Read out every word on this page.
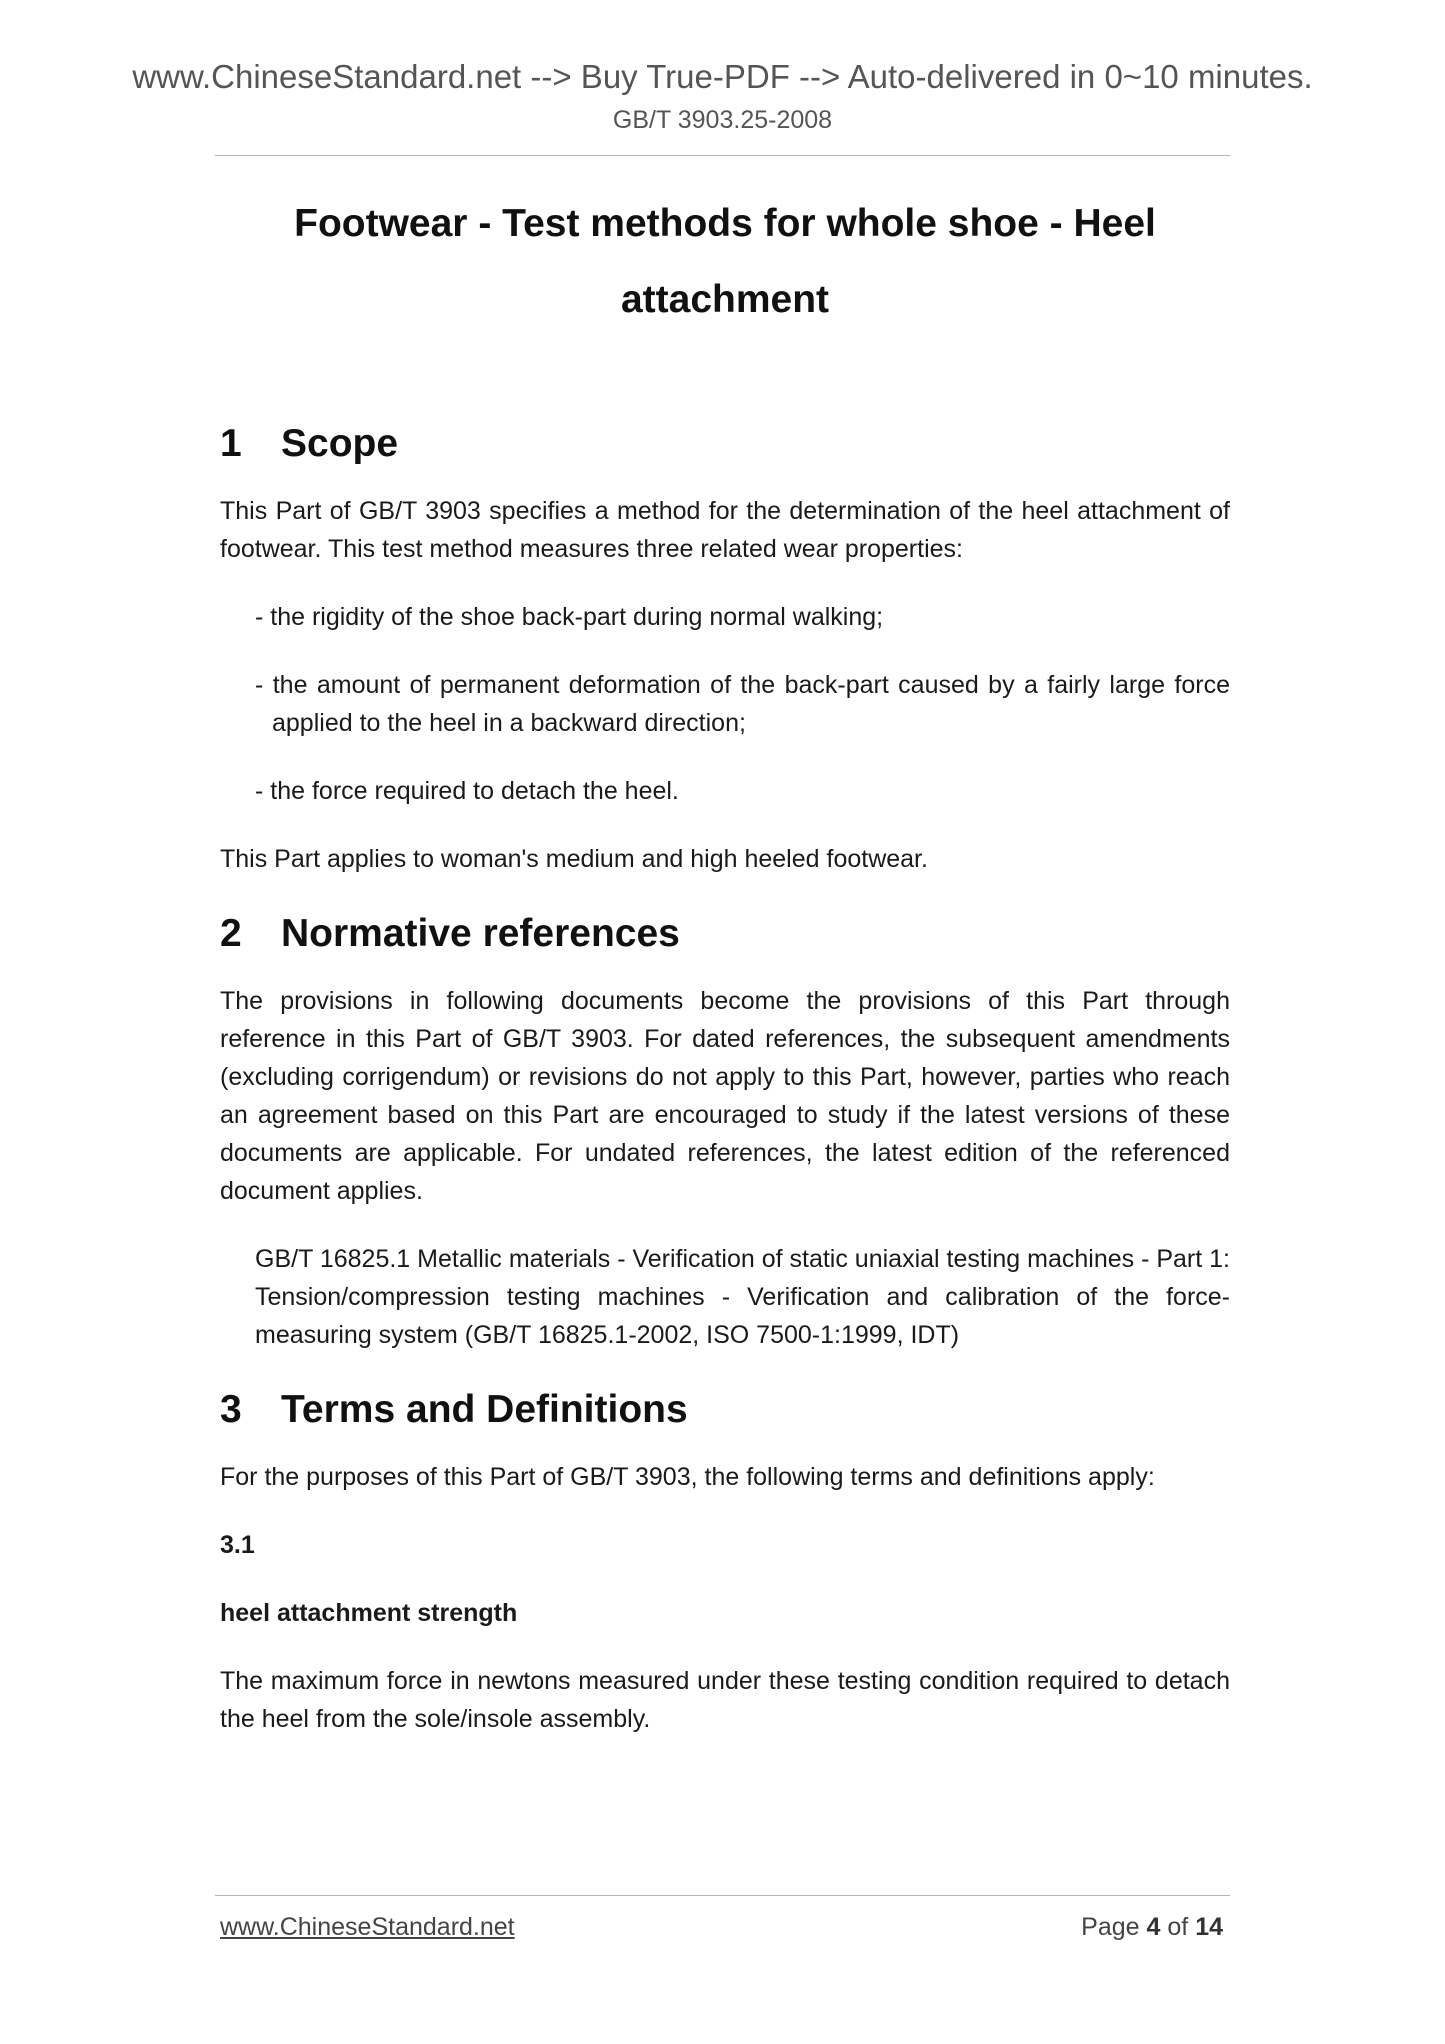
www.ChineseStandard.net --> Buy True-PDF --> Auto-delivered in 0~10 minutes.
GB/T 3903.25-2008

Footwear - Test methods for whole shoe - Heel
attachment

1 Scope

This Part of GB/T 3903 specifies a method for the determination of the heel attachment of footwear. This test method measures three related wear properties:

- the rigidity of the shoe back-part during normal walking;

- the amount of permanent deformation of the back-part caused by a fairly large force applied to the heel in a backward direction;

- the force required to detach the heel.

This Part applies to woman's medium and high heeled footwear.

2 Normative references

The provisions in following documents become the provisions of this Part through reference in this Part of GB/T 3903. For dated references, the subsequent amendments (excluding corrigendum) or revisions do not apply to this Part, however, parties who reach an agreement based on this Part are encouraged to study if the latest versions of these documents are applicable. For undated references, the latest edition of the referenced document applies.

GB/T 16825.1 Metallic materials - Verification of static uniaxial testing machines - Part 1: Tension/compression testing machines - Verification and calibration of the force-measuring system (GB/T 16825.1-2002, ISO 7500-1:1999, IDT)

3 Terms and Definitions

For the purposes of this Part of GB/T 3903, the following terms and definitions apply:

3.1

heel attachment strength

The maximum force in newtons measured under these testing condition required to detach the heel from the sole/insole assembly.

www.ChineseStandard.net	Page 4 of 14
